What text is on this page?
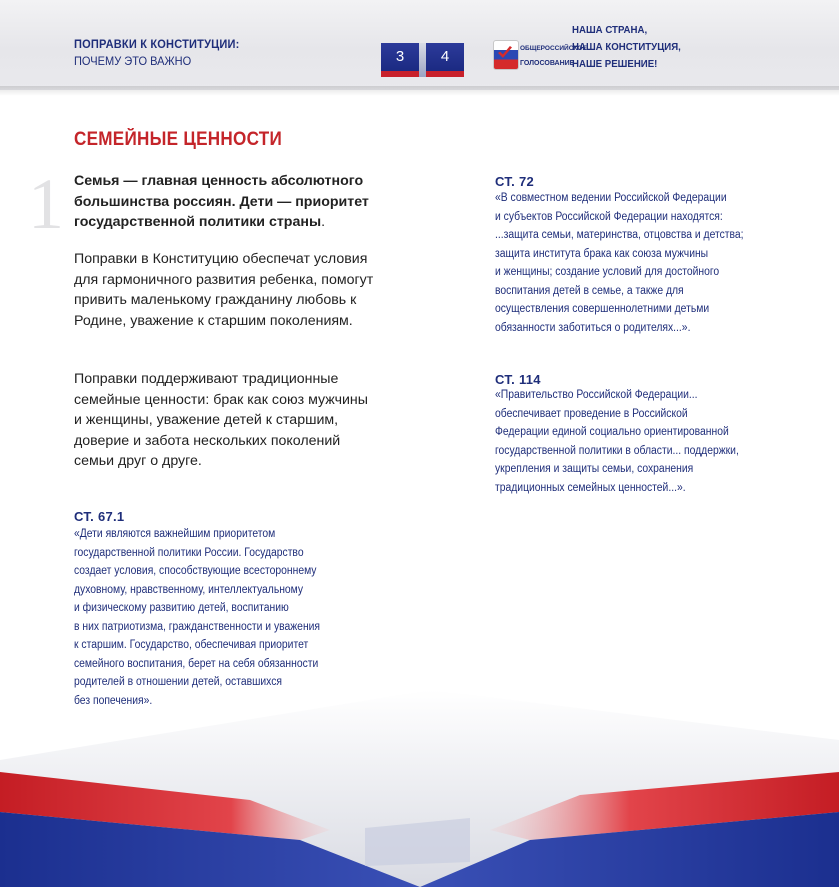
ПОПРАВКИ К КОНСТИТУЦИИ:
ПОЧЕМУ ЭТО ВАЖНО	3	4	ОБЩЕРОССИЙСКОЕ
ГОЛОСОВАНИЕ
НАША СТРАНА,
НАША КОНСТИТУЦИЯ,
НАШЕ РЕШЕНИЕ!
СЕМЕЙНЫЕ ЦЕННОСТИ
1 Семья — главная ценность абсолютного большинства россиян. Дети — приоритет государственной политики страны.
Поправки в Конституцию обеспечат условия для гармоничного развития ребенка, помогут привить маленькому гражданину любовь к Родине, уважение к старшим поколениям.
Поправки поддерживают традиционные семейные ценности: брак как союз мужчины и женщины, уважение детей к старшим, доверие и забота нескольких поколений семьи друг о друге.
СТ. 67.1
«Дети являются важнейшим приоритетом
государственной политики России. Государство
создает условия, способствующие всестороннему
духовному, нравственному, интеллектуальному
и физическому развитию детей, воспитанию
в них патриотизма, гражданственности и уважения
к старшим. Государство, обеспечивая приоритет
семейного воспитания, берет на себя обязанности
родителей в отношении детей, оставшихся
без попечения».
СТ. 72
«В совместном ведении Российской Федерации
и субъектов Российской Федерации находятся:
...защита семьи, материнства, отцовства и детства;
защита института брака как союза мужчины
и женщины; создание условий для достойного
воспитания детей в семье, а также для
осуществления совершеннолетними детьми
обязанности заботиться о родителях...».
СТ. 114
«Правительство Российской Федерации...
обеспечивает проведение в Российской
Федерации единой социально ориентированной
государственной политики в области... поддержки,
укрепления и защиты семьи, сохранения
традиционных семейных ценностей...».
